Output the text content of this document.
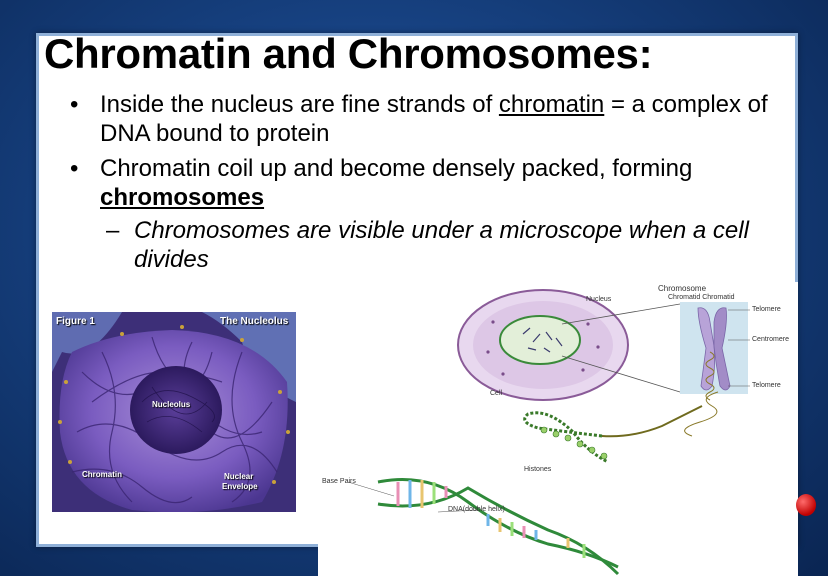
Chromatin and Chromosomes:

• Inside the nucleus are fine strands of chromatin = a complex of DNA bound to protein

• Chromatin coil up and become densely packed, forming chromosomes

– Chromosomes are visible under a microscope when a cell divides

Figure 1	The Nucleolus
Nucleolus
Chromatin	Nuclear
Envelope
Chromosome
Chromatid Chromatid
Nucleus
Telomere
Centromere
Telomere
Cell
Histones
Base Pairs
DNA(double helix)
